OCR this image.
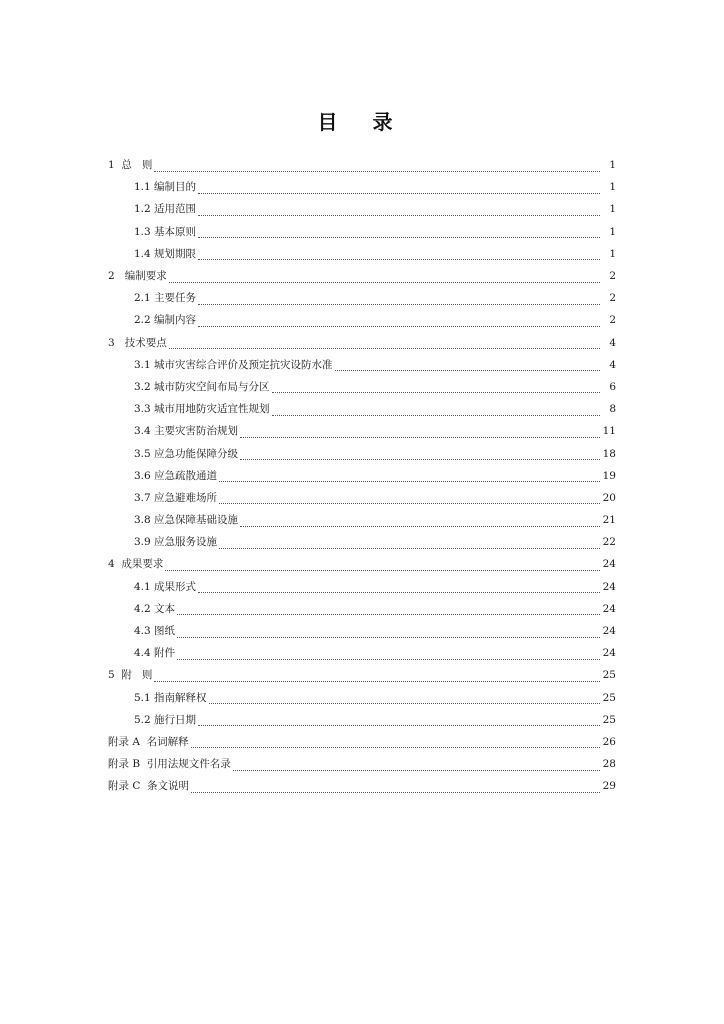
目 录
1  总   则	1
1.1 编制目的	1
1.2 适用范围	1
1.3 基本原则	1
1.4 规划期限	1
2   编制要求	2
2.1 主要任务	2
2.2 编制内容	2
3   技术要点	4
3.1 城市灾害综合评价及预定抗灾设防水准	4
3.2 城市防灾空间布局与分区	6
3.3 城市用地防灾适宜性规划	8
3.4 主要灾害防治规划	11
3.5 应急功能保障分级	18
3.6 应急疏散通道	19
3.7 应急避难场所	20
3.8 应急保障基础设施	21
3.9 应急服务设施	22
4  成果要求	24
4.1 成果形式	24
4.2 文本	24
4.3 图纸	24
4.4 附件	24
5  附   则	25
5.1 指南解释权	25
5.2 施行日期	25
附录 A  名词解释	26
附录 B  引用法规文件名录	28
附录 C  条文说明	29
